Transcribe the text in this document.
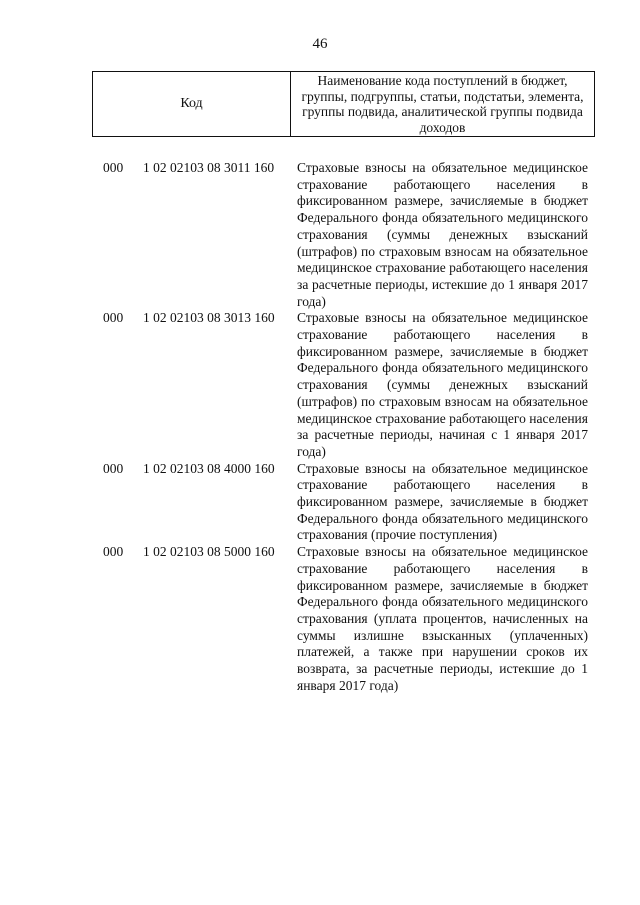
46
Код
Наименование кода поступлений в бюджет, группы, подгруппы, статьи, подстатьи, элемента, группы подвида, аналитической группы подвида доходов
000 1 02 02103 08 3011 160 Страховые взносы на обязательное медицинское страхование работающего населения в фиксированном размере, зачисляемые в бюджет Федерального фонда обязательного медицинского страхования (суммы денежных взысканий (штрафов) по страховым взносам на обязательное медицинское страхование работающего населения за расчетные периоды, истекшие до 1 января 2017 года)
000 1 02 02103 08 3013 160 Страховые взносы на обязательное медицинское страхование работающего населения в фиксированном размере, зачисляемые в бюджет Федерального фонда обязательного медицинского страхования (суммы денежных взысканий (штрафов) по страховым взносам на обязательное медицинское страхование работающего населения за расчетные периоды, начиная с 1 января 2017 года)
000 1 02 02103 08 4000 160 Страховые взносы на обязательное медицинское страхование работающего населения в фиксированном размере, зачисляемые в бюджет Федерального фонда обязательного медицинского страхования (прочие поступления)
000 1 02 02103 08 5000 160 Страховые взносы на обязательное медицинское страхование работающего населения в фиксированном размере, зачисляемые в бюджет Федерального фонда обязательного медицинского страхования (уплата процентов, начисленных на суммы излишне взысканных (уплаченных) платежей, а также при нарушении сроков их возврата, за расчетные периоды, истекшие до 1 января 2017 года)
